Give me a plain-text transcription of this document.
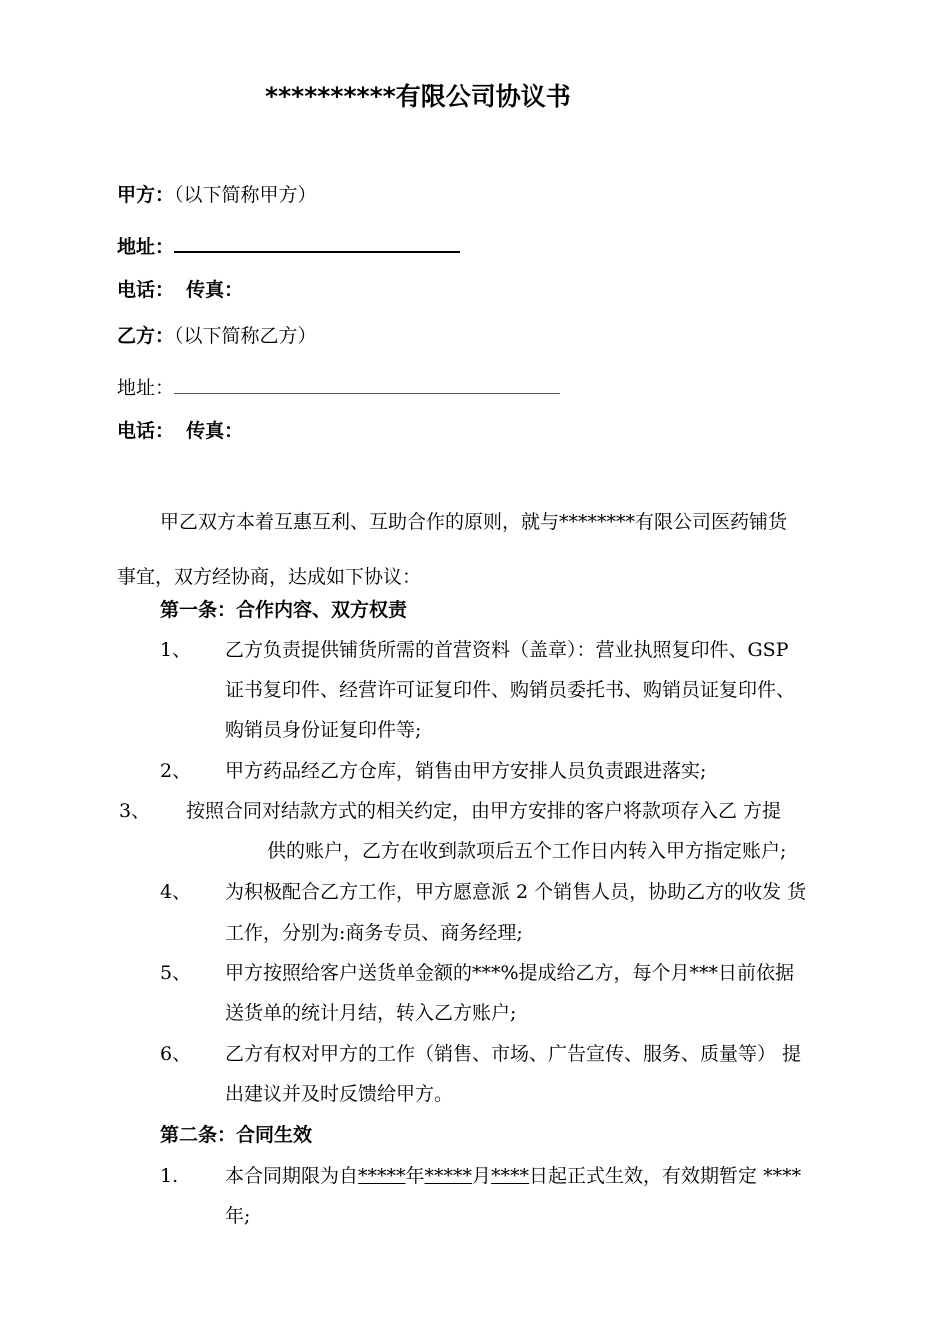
**********有限公司协议书
甲方：（以下简称甲方）
地址：
电话： 传真：
乙方：（以下简称乙方）
地址：
电话： 传真：
甲乙双方本着互惠互利、互助合作的原则，就与********有限公司医药铺货
事宜，双方经协商，达成如下协议：
第一条：合作内容、双方权责
1、 乙方负责提供铺货所需的首营资料（盖章）：营业执照复印件、GSP
证书复印件、经营许可证复印件、购销员委托书、购销员证复印件、
购销员身份证复印件等;
2、 甲方药品经乙方仓库，销售由甲方安排人员负责跟进落实;
3、 按照合同对结款方式的相关约定，由甲方安排的客户将款项存入乙 方提
供的账户，乙方在收到款项后五个工作日内转入甲方指定账户;
4、 为积极配合乙方工作，甲方愿意派 2 个销售人员，协助乙方的收发 货
工作，分别为:商务专员、商务经理;
5、 甲方按照给客户送货单金额的***%提成给乙方，每个月***日前依据
送货单的统计月结，转入乙方账户;
6、 乙方有权对甲方的工作（销售、市场、广告宣传、服务、质量等） 提
出建议并及时反馈给甲方。
第二条：合同生效
1. 本合同期限为自*****年*****月****日起正式生效，有效期暂定 ****
年;
